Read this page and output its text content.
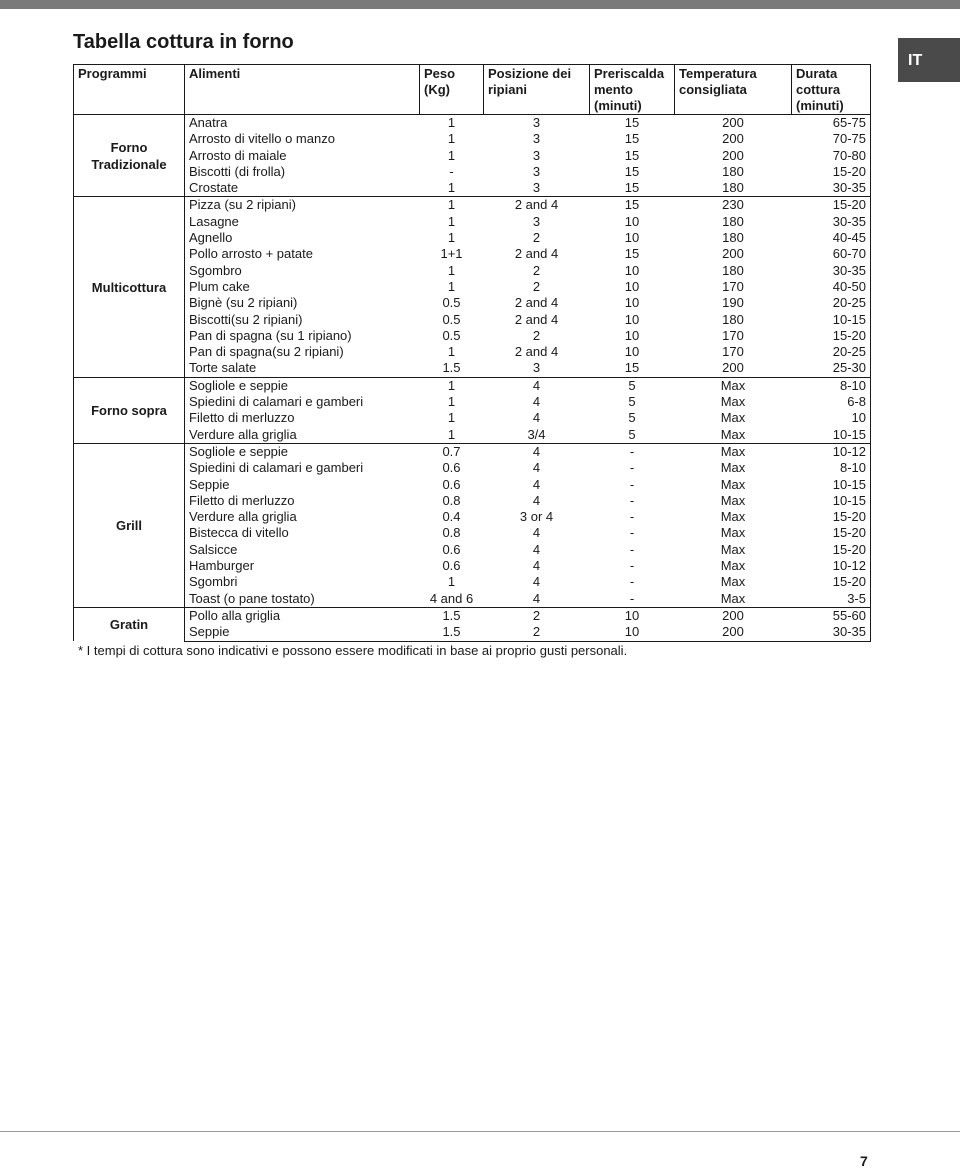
IT
Tabella cottura in forno
Programmi	Alimenti	Peso (Kg)	Posizione dei ripiani	Preriscalda mento (minuti)	Temperatura consigliata	Durata cottura (minuti)
Forno Tradizionale	Anatra	1	3	15	200	65-75
	Arrosto di vitello o manzo	1	3	15	200	70-75
	Arrosto di maiale	1	3	15	200	70-80
	Biscotti (di frolla)	-	3	15	180	15-20
	Crostate	1	3	15	180	30-35
Multicottura	Pizza (su 2 ripiani)	1	2 and 4	15	230	15-20
	Lasagne	1	3	10	180	30-35
	Agnello	1	2	10	180	40-45
	Pollo arrosto + patate	1+1	2 and 4	15	200	60-70
	Sgombro	1	2	10	180	30-35
	Plum cake	1	2	10	170	40-50
	Bignè (su 2 ripiani)	0.5	2 and 4	10	190	20-25
	Biscotti(su 2 ripiani)	0.5	2 and 4	10	180	10-15
	Pan di spagna (su 1 ripiano)	0.5	2	10	170	15-20
	Pan di spagna(su 2 ripiani)	1	2 and 4	10	170	20-25
	Torte salate	1.5	3	15	200	25-30
Forno sopra	Sogliole e seppie	1	4	5	Max	8-10
	Spiedini di calamari e gamberi	1	4	5	Max	6-8
	Filetto di merluzzo	1	4	5	Max	10
	Verdure alla griglia	1	3/4	5	Max	10-15
Grill	Sogliole e seppie	0.7	4	-	Max	10-12
	Spiedini di calamari e gamberi	0.6	4	-	Max	8-10
	Seppie	0.6	4	-	Max	10-15
	Filetto di merluzzo	0.8	4	-	Max	10-15
	Verdure alla griglia	0.4	3 or 4	-	Max	15-20
	Bistecca di vitello	0.8	4	-	Max	15-20
	Salsicce	0.6	4	-	Max	15-20
	Hamburger	0.6	4	-	Max	10-12
	Sgombri	1	4	-	Max	15-20
	Toast (o pane tostato)	4 and 6	4	-	Max	3-5
Gratin	Pollo alla griglia	1.5	2	10	200	55-60
	Seppie	1.5	2	10	200	30-35
* I tempi di cottura sono indicativi e possono essere modificati in base ai proprio gusti personali.
7
